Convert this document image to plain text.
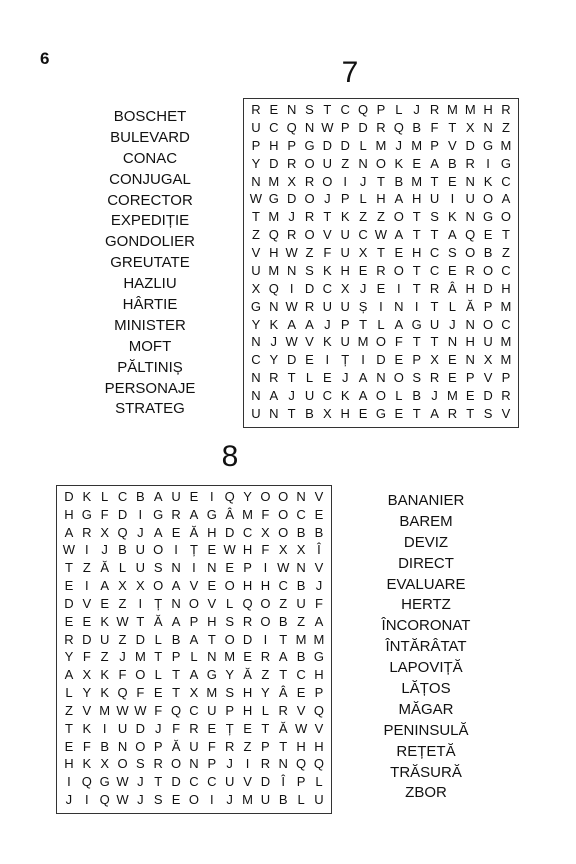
6	7
BOSCHET
BULEVARD
CONAC
CONJUGAL
CORECTOR
EXPEDIȚIE
GONDOLIER
GREUTATE
HAZLIU
HÂRTIE
MINISTER
MOFT
PĂLTINIȘ
PERSONAJE
STRATEG
R E N S T C Q P L J R M M H R
U C Q N W P D R Q B F T X N Z
P H P G D D L M J M P V D G M
Y D R O U Z N O K E A B R I G
N M X R O I J T B M T E N K C
W G D O J P L H A H U I U O A
T M J R T K Z Z O T S K N G O
Z Q R O V U C W A T T A Q E T
V H W Z F U X T E H C S O B Z
U M N S K H E R O T C E R O C
X Q I D C X J E I T R Â H D H
G N W R U U Ș I N I T L Ă P M
Y K A A J P T L A G U J N O C
N J W V K U M O F T T N H U M
C Y D E I Ț I D E P X E N X M
N R T L E J A N O S R E P V P
N A J U C K A O L B J M E D R
U N T B X H E G E T A R T S V
8
D K L C B A U E I Q Y O O N V
H G F D I G R A G Â M F O C E
A R X Q J A E Ă H D C X O B B
W I J B U O I Ț E W H F X X Î
T Z Ă L U S N I N E P I W N V
E I A X X O A V E O H H C B J
D V E Z I Ț N O V L Q O Z U F
E E K W T Ă A P H S R O B Z A
R D U Z D L B A T O D I T M M
Y F Z J M T P L N M E R A B G
A X K F O L T A G Y Ă Z T C H
L Y K Q F E T X M S H Y Â E P
Z V M W W F Q C U P H L R V Q
T K I U D J F R E Ț E T Ă W V
E F B N O P Ă U F R Z P T H H
H K X O S R O N P J I R N Q Q
I Q G W J T D C C U V D Î P L
J I Q W J S E O I J M U B L U
BANANIER
BAREM
DEVIZ
DIRECT
EVALUARE
HERTZ
ÎNCORONAT
ÎNTĂRÂTAT
LAPOVIȚĂ
LĂȚOS
MĂGAR
PENINSULĂ
REȚETĂ
TRĂSURĂ
ZBOR
